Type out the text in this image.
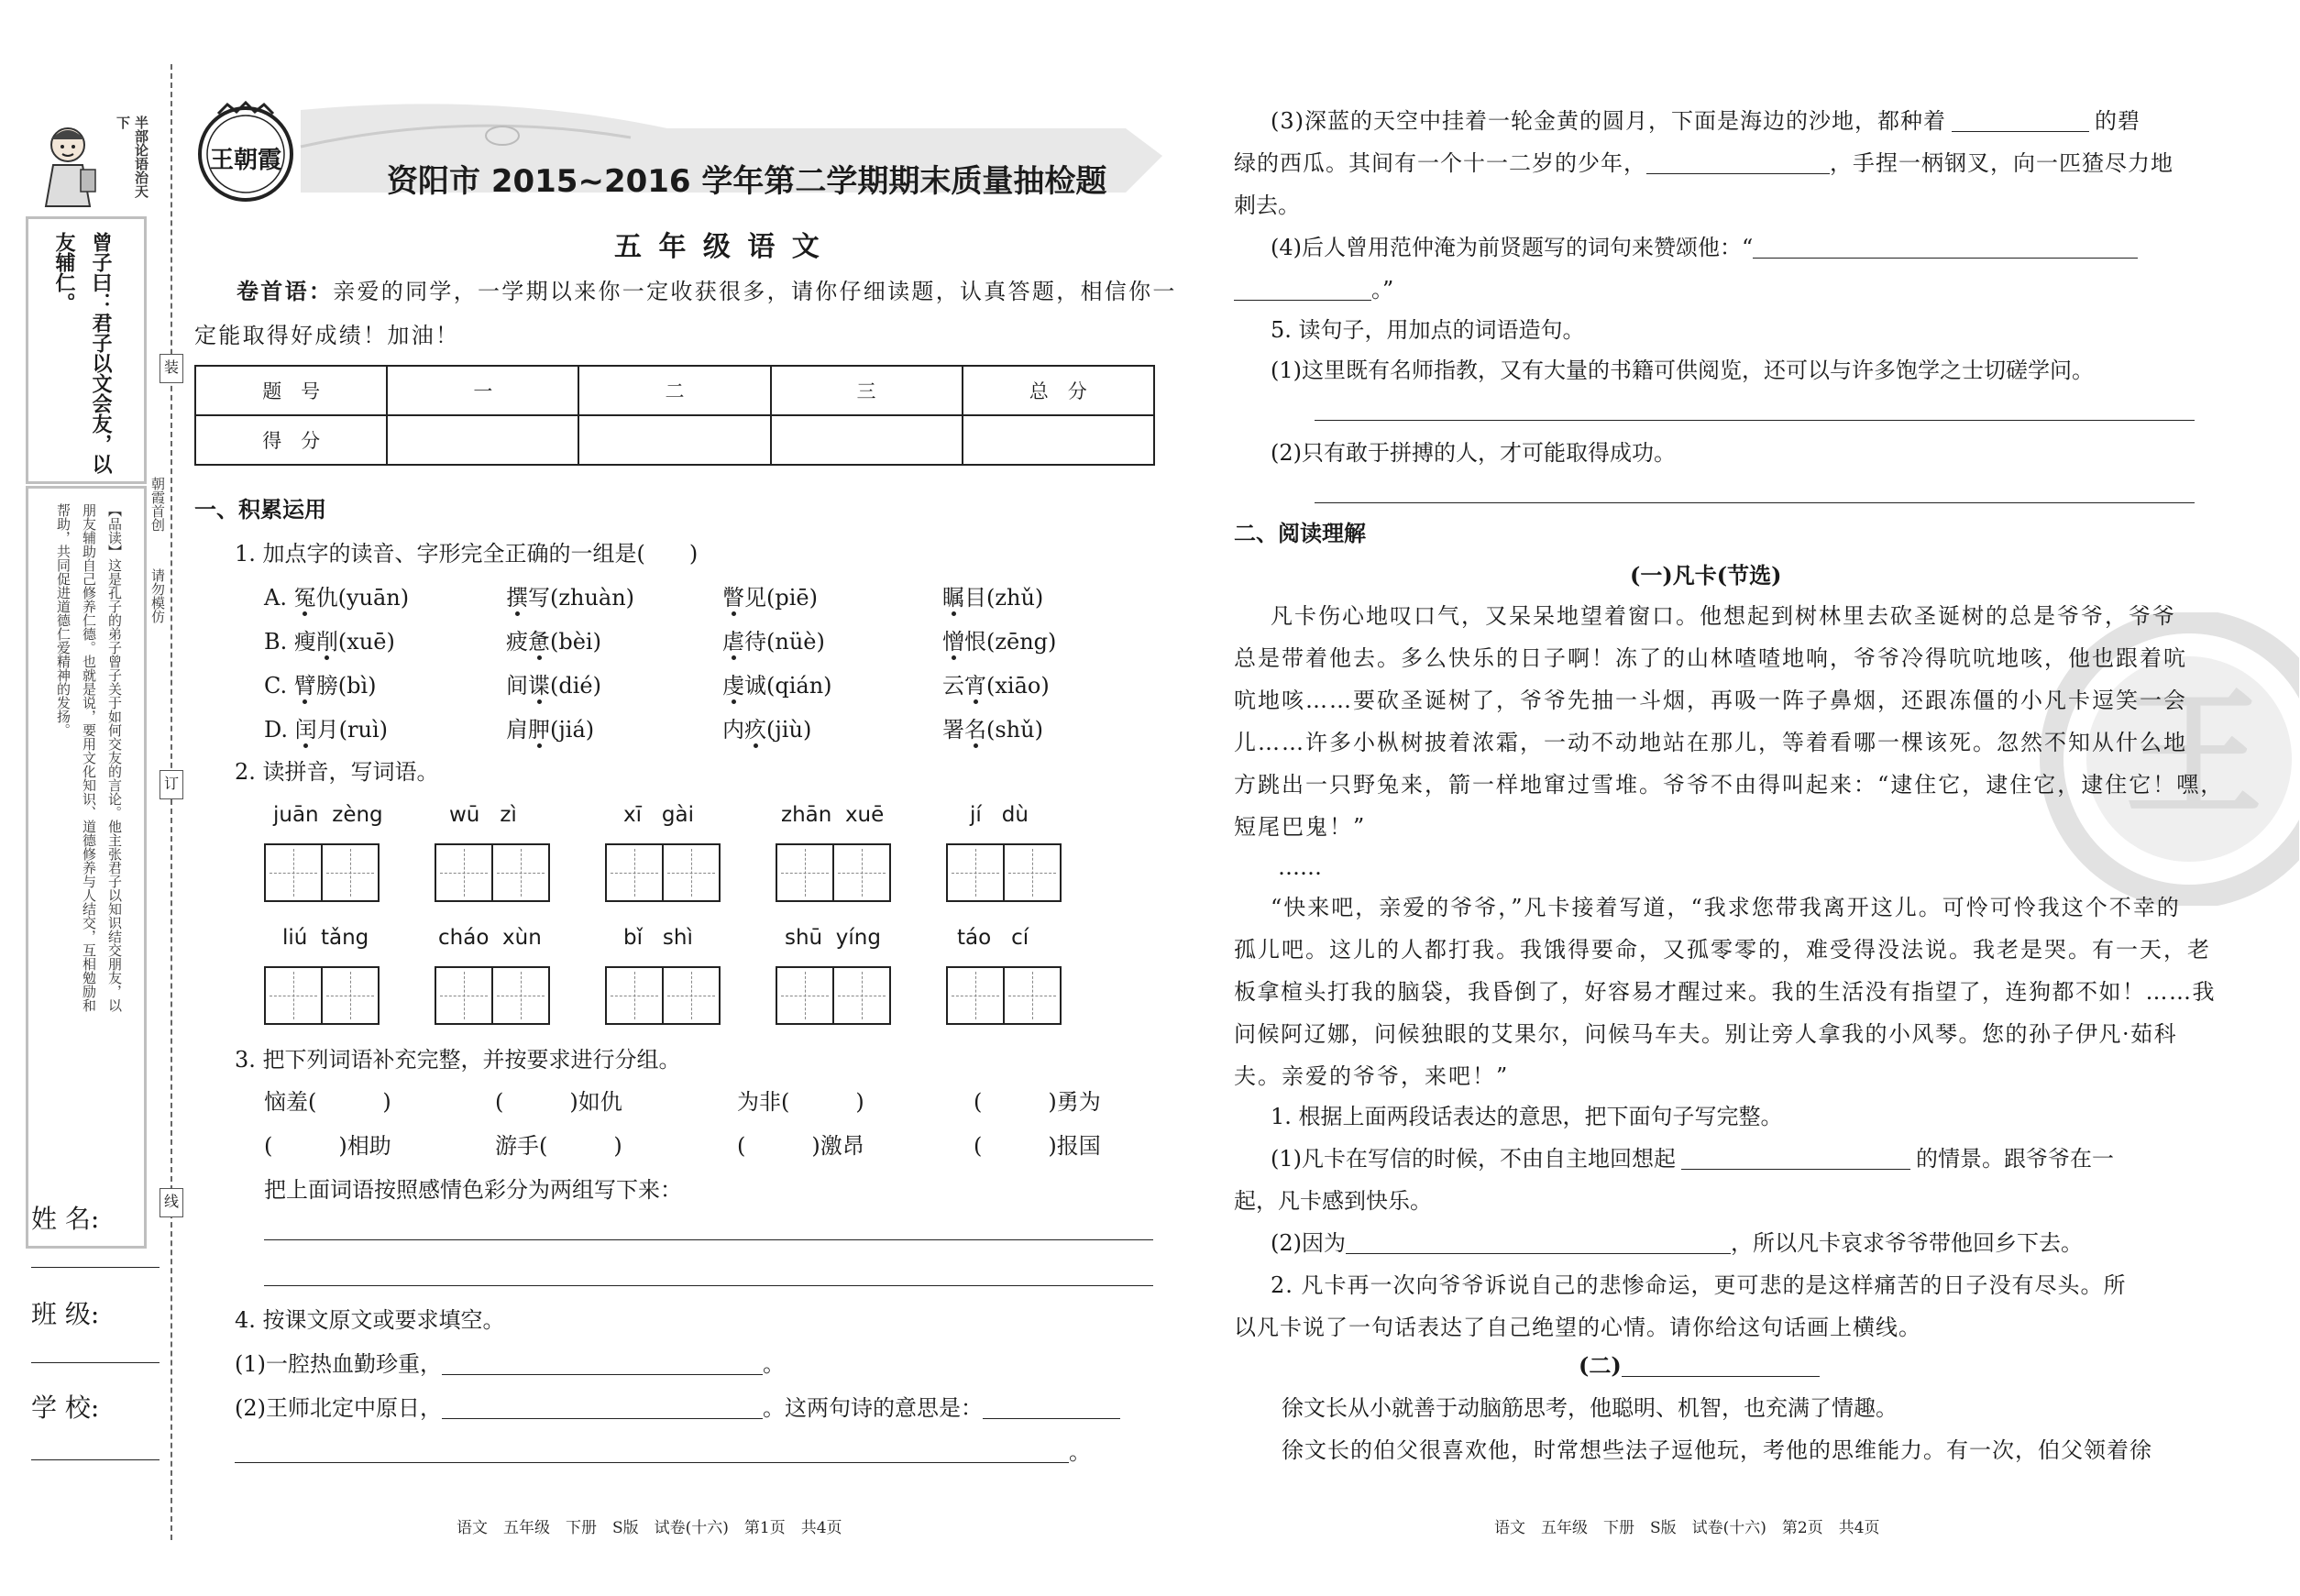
半部论语治天下
曾子曰：君子以文会友，以
友辅仁。
【品读】这是孔子的弟子曾子关于如何交友的言论。他主张君子以知识结交朋友，以
朋友辅助自己修养仁德。也就是说，要用文化知识、道德修养与人结交，互相勉励和
帮助，共同促进道德仁爱精神的发扬。
姓 名:
班 级:
学 校:
装
朝霞首创
请勿模仿
订
线
王朝霞
资阳市 2015~2016 学年第二学期期末质量抽检题
五 年 级 语 文
卷首语：亲爱的同学，一学期以来你一定收获很多，请你仔细读题，认真答题，相信你一
定能取得好成绩！加油！
题　号	一	二	三	总　分
得　分				
一、积累运用
1. 加点字的读音、字形完全正确的一组是(　　)
A. 冤仇(yuān)	撰写(zhuàn)	瞥见(piē)	瞩目(zhǔ)
B. 瘦削(xuē)	疲惫(bèi)	虐待(nüè)	憎恨(zēng)
C. 臂膀(bì)	间谍(dié)	虔诚(qián)	云宵(xiāo)
D. 闰月(ruì)	肩胛(jiá)	内疚(jiù)	署名(shǔ)
2. 读拼音，写词语。
juān  zèng	wū   zì	xī   gài	zhān  xuē	jí   dù
liú  tǎng	cháo  xùn	bǐ   shì	shū  yíng	táo   cí
3. 把下列词语补充完整，并按要求进行分组。
恼羞(　　　)	(　　　)如仇	为非(　　　)	(　　　)勇为
(　　　)相助	游手(　　　)	(　　　)激昂	(　　　)报国
把上面词语按照感情色彩分为两组写下来：
4. 按课文原文或要求填空。
(1)一腔热血勤珍重，	。
(2)王师北定中原日，	。这两句诗的意思是：
。
语文　五年级　下册　S版　试卷(十六)　第1页　共4页
王
(3)深蓝的天空中挂着一轮金黄的圆月，下面是海边的沙地，都种着	的碧
绿的西瓜。其间有一个十一二岁的少年，	，手捏一柄钢叉，向一匹猹尽力地
刺去。
(4)后人曾用范仲淹为前贤题写的词句来赞颂他：“
。”
5. 读句子，用加点的词语造句。
(1)这里既有名师指教，又有大量的书籍可供阅览，还可以与许多饱学之士切磋学问。
(2)只有敢于拼搏的人，才可能取得成功。
二、阅读理解
(一)凡卡(节选)
凡卡伤心地叹口气，又呆呆地望着窗口。他想起到树林里去砍圣诞树的总是爷爷，爷爷
总是带着他去。多么快乐的日子啊！冻了的山林喳喳地响，爷爷冷得吭吭地咳，他也跟着吭
吭地咳……要砍圣诞树了，爷爷先抽一斗烟，再吸一阵子鼻烟，还跟冻僵的小凡卡逗笑一会
儿……许多小枞树披着浓霜，一动不动地站在那儿，等着看哪一棵该死。忽然不知从什么地
方跳出一只野兔来，箭一样地窜过雪堆。爷爷不由得叫起来：“逮住它，逮住它，逮住它！嘿，
短尾巴鬼！”
……
“快来吧，亲爱的爷爷，”凡卡接着写道，“我求您带我离开这儿。可怜可怜我这个不幸的
孤儿吧。这儿的人都打我。我饿得要命，又孤零零的，难受得没法说。我老是哭。有一天，老
板拿楦头打我的脑袋，我昏倒了，好容易才醒过来。我的生活没有指望了，连狗都不如！……我
问候阿辽娜，问候独眼的艾果尔，问候马车夫。别让旁人拿我的小风琴。您的孙子伊凡·茹科
夫。亲爱的爷爷，来吧！”
1. 根据上面两段话表达的意思，把下面句子写完整。
(1)凡卡在写信的时候，不由自主地回想起	的情景。跟爷爷在一
起，凡卡感到快乐。
(2)因为	，所以凡卡哀求爷爷带他回乡下去。
2. 凡卡再一次向爷爷诉说自己的悲惨命运，更可悲的是这样痛苦的日子没有尽头。所
以凡卡说了一句话表达了自己绝望的心情。请你给这句话画上横线。
(二)
徐文长从小就善于动脑筋思考，他聪明、机智，也充满了情趣。
徐文长的伯父很喜欢他，时常想些法子逗他玩，考他的思维能力。有一次，伯父领着徐
语文　五年级　下册　S版　试卷(十六)　第2页　共4页
